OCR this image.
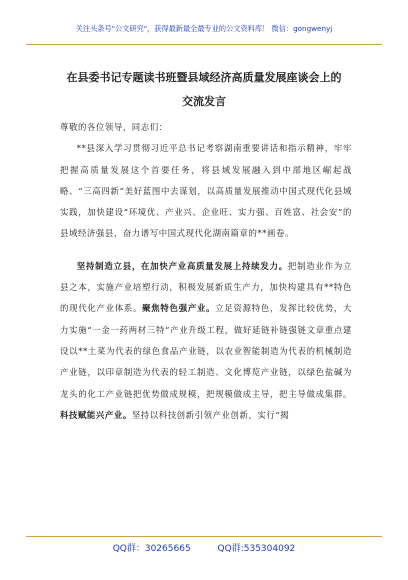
关注头条号"公文研究"，获得最新最全最专业的公文资料库！ 微信：gongwenyj
在县委书记专题读书班暨县域经济高质量发展座谈会上的
交流发言

尊敬的各位领导，同志们：

**县深入学习贯彻习近平总书记考察湖南重要讲话和指示精神，牢牢把握高质量发展这个首要任务，将县域发展融入到中部地区崛起战略、“三高四新”美好蓝图中去谋划，以高质量发展推动中国式现代化县域实践，加快建设“环境优、产业兴、企业旺、实力强、百姓富、社会安”的县域经济强县，奋力谱写中国式现代化湖南篇章的**画卷。

坚持制造立县，在加快产业高质量发展上持续发力。把制造业作为立县之本，实施产业培塑行动，积极发展新质生产力，加快构建具有**特色的现代化产业体系。聚焦特色强产业。立足资源特色，发挥比较优势，大力实施“一金一药两材三特”产业升级工程，做好延链补链强链文章重点建设以**土菜为代表的绿色食品产业链，以农业智能制造为代表的机械制造产业链，以印章制造为代表的轻工制造、文化博览产业链，以绿色盐碱为龙头的化工产业链把优势做成规模，把规模做成主导，把主导做成集群。科技赋能兴产业。坚持以科技创新引领产业创新，实行“揭

QQ群：30265665	QQ群:535304092
